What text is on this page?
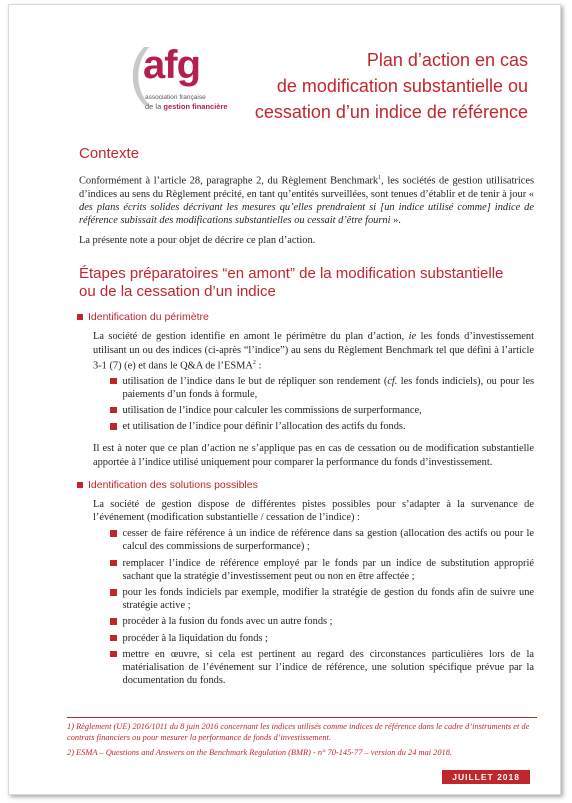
(
afg
association française
de la gestion financière
Plan d’action en cas
de modification substantielle ou
cessation d’un indice de référence
Contexte

Conformément à l’article 28, paragraphe 2, du Règlement Benchmark$^1$, les sociétés de gestion utilisatrices d’indices au sens du Règlement précité, en tant qu’entités surveillées, sont tenues d’établir et de tenir à jour « des plans écrits solides décrivant les mesures qu’elles prendraient si [un indice utilisé comme] indice de référence subissait des modifications substantielles ou cessait d’être fourni ».

La présente note a pour objet de décrire ce plan d’action.

Étapes préparatoires “en amont” de la modification substantielle
ou de la cessation d’un indice
Identification du périmètre

La société de gestion identifie en amont le périmètre du plan d’action, ie les fonds d’investissement utilisant un ou des indices (ci-après “l’indice”) au sens du Règlement Benchmark tel que défini à l’article 3-1 (7) (e) et dans le Q&A de l’ESMA$^2$ :

utilisation de l’indice dans le but de répliquer son rendement (cf. les fonds indiciels), ou pour les paiements d’un fonds à formule,
utilisation de l’indice pour calculer les commissions de surperformance,
et utilisation de l’indice pour définir l’allocation des actifs du fonds.

Il est à noter que ce plan d’action ne s’applique pas en cas de cessation ou de modification substantielle apportée à l’indice utilisé uniquement pour comparer la performance du fonds d’investissement.

Identification des solutions possibles

La société de gestion dispose de différentes pistes possibles pour s’adapter à la survenance de l’événement (modification substantielle / cessation de l’indice) :

cesser de faire référence à un indice de référence dans sa gestion (allocation des actifs ou pour le calcul des commissions de surperformance) ;
remplacer l’indice de référence employé par le fonds par un indice de substitution approprié sachant que la stratégie d’investissement peut ou non en être affectée ;
pour les fonds indiciels par exemple, modifier la stratégie de gestion du fonds afin de suivre une stratégie active ;
procéder à la fusion du fonds avec un autre fonds ;
procéder à la liquidation du fonds ;
mettre en œuvre, si cela est pertinent au regard des circonstances particulières lors de la matérialisation de l’événement sur l’indice de référence, une solution spécifique prévue par la documentation du fonds.
1) Règlement (UE) 2016/1011 du 8 juin 2016 concernant les indices utilisés comme indices de référence dans le cadre d’instruments et de contrats financiers ou pour mesurer la performance de fonds d’investissement.
2) ESMA – Questions and Answers on the Benchmark Regulation (BMR) - n° 70-145-77 – version du 24 mai 2018.
JUILLET 2018
